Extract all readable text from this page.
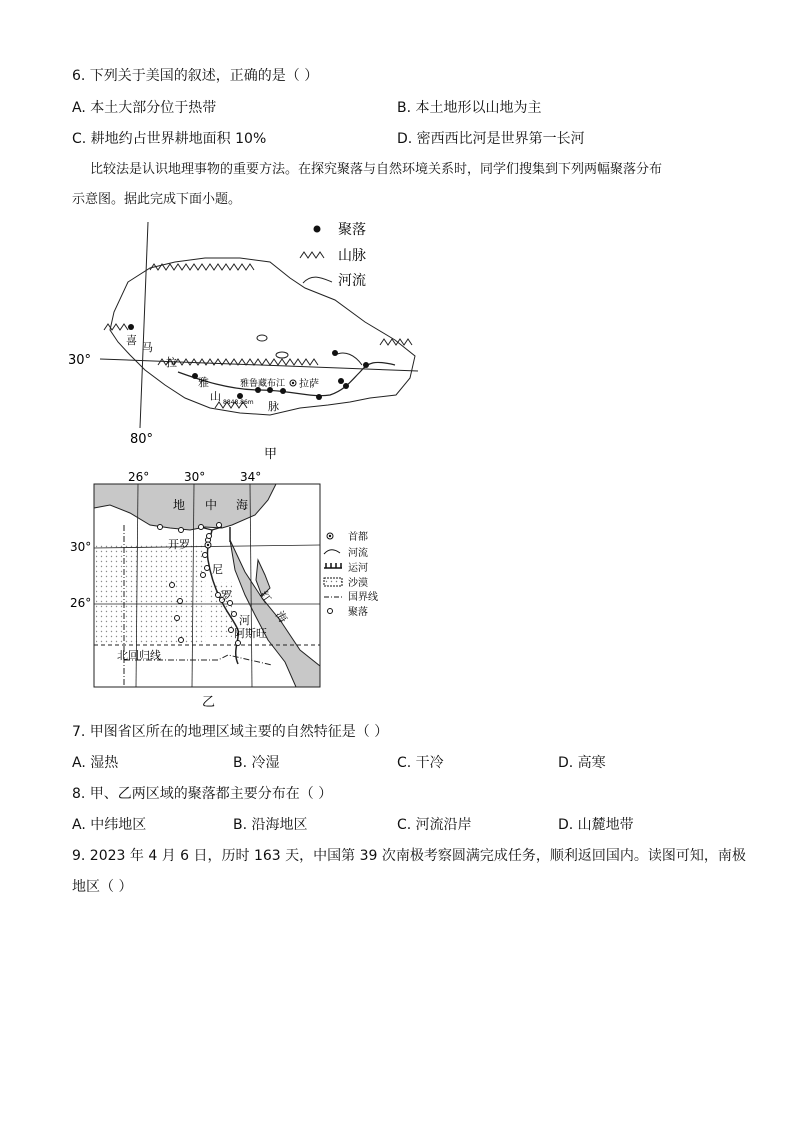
6. 下列关于美国的叙述，正确的是（ ）
A. 本土大部分位于热带	B. 本土地形以山地为主
C. 耕地约占世界耕地面积 10%	D. 密西西比河是世界第一长河
比较法是认识地理事物的重要方法。在探究聚落与自然环境关系时，同学们搜集到下列两幅聚落分布
示意图。据此完成下面小题。
喜
马
拉
雅
山
脉
雅鲁藏布江 拉萨
8848.86m
30°
80°
甲
聚落
山脉
河流
地 中 海
开罗
尼
罗
河
阿斯旺
红
海
北回归线
26°	30°	34°
30°
26°
乙
首都
河流
运河
沙漠
国界线
聚落
7. 甲图省区所在的地理区域主要的自然特征是（ ）
A. 湿热	B. 冷湿	C. 干冷	D. 高寒
8. 甲、乙两区域的聚落都主要分布在（ ）
A. 中纬地区	B. 沿海地区	C. 河流沿岸	D. 山麓地带
9. 2023 年 4 月 6 日，历时 163 天，中国第 39 次南极考察圆满完成任务，顺利返回国内。读图可知，南极
地区（ ）
